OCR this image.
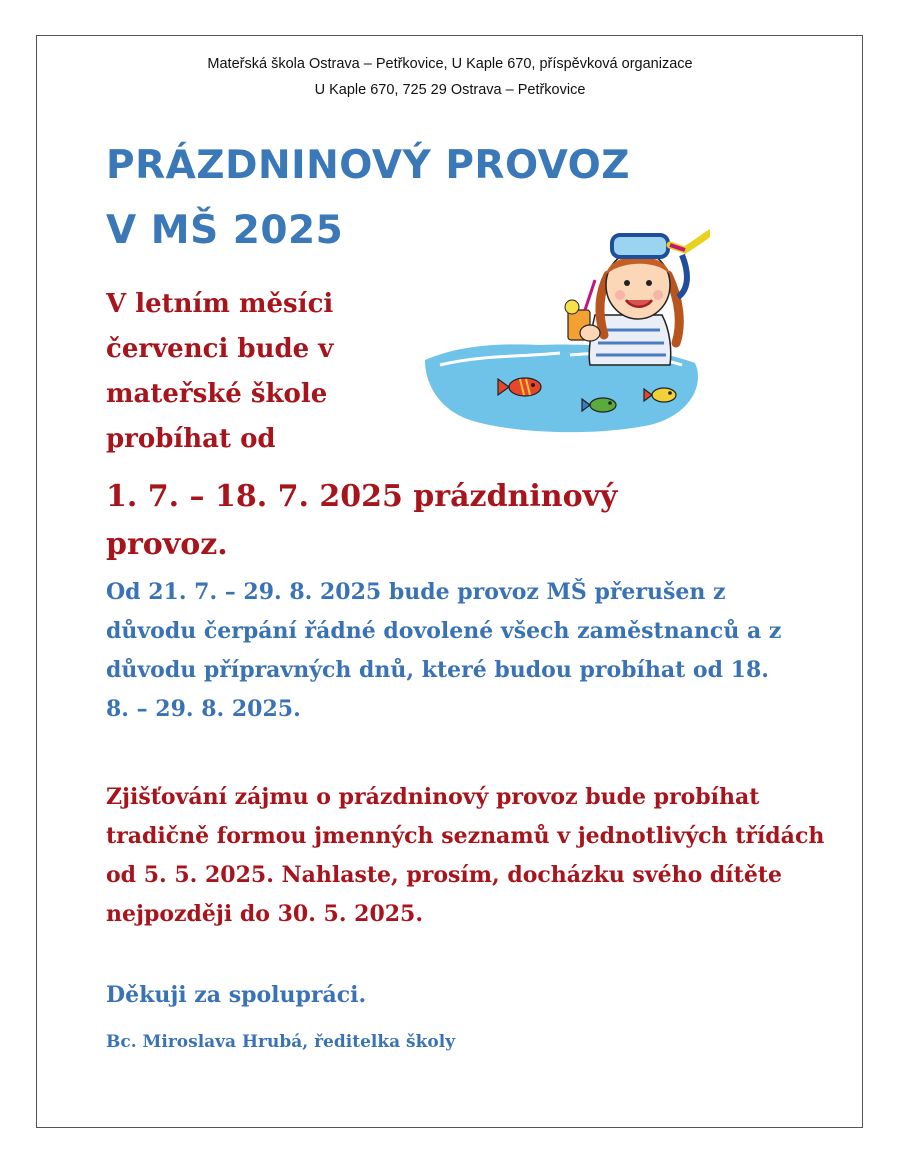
Mateřská škola Ostrava – Petřkovice, U Kaple 670, příspěvková organizace
U Kaple 670, 725 29 Ostrava – Petřkovice
PRÁZDNINOVÝ PROVOZ
V MŠ 2025
V letním měsíci červenci bude v mateřské škole probíhat od
1. 7. – 18. 7. 2025 prázdninový provoz.
Od 21. 7. – 29. 8. 2025 bude provoz MŠ přerušen z důvodu čerpání řádné dovolené všech zaměstnanců a z důvodu přípravných dnů, které budou probíhat od 18. 8. – 29. 8. 2025.
Zjišťování zájmu o prázdninový provoz bude probíhat tradičně formou jmenných seznamů v jednotlivých třídách od 5. 5. 2025. Nahlaste, prosím, docházku svého dítěte nejpozději do 30. 5. 2025.
Děkuji za spolupráci.
Bc. Miroslava Hrubá, ředitelka školy
